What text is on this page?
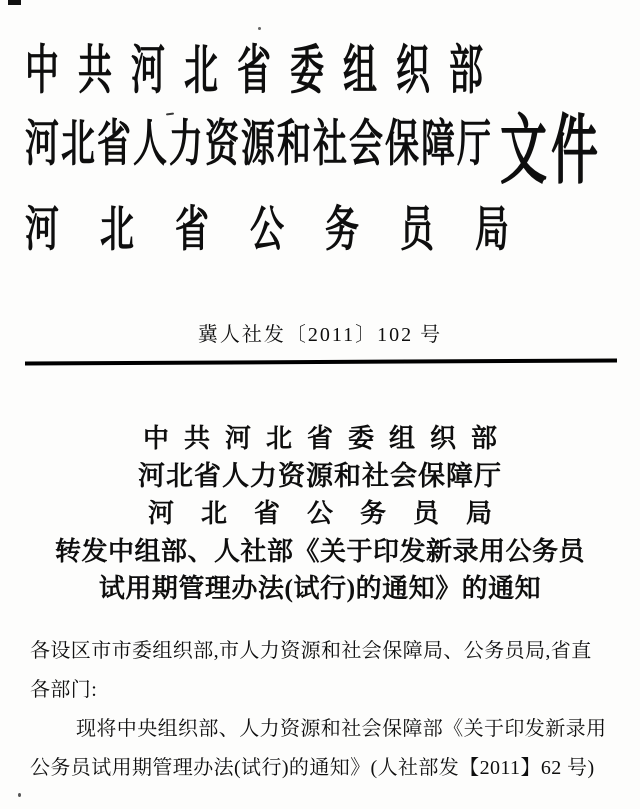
中共河北省委组织部
河北省人力资源和社会保障厅 文件
河北省公务员局
冀人社发〔2011〕102 号
中共河北省委组织部
河北省人力资源和社会保障厅
河北省公务员局
转发中组部、人社部《关于印发新录用公务员
试用期管理办法(试行)的通知》的通知
各设区市市委组织部,市人力资源和社会保障局、公务员局,省直
各部门:
现将中央组织部、人力资源和社会保障部《关于印发新录用
公务员试用期管理办法(试行)的通知》(人社部发【2011】62 号)
